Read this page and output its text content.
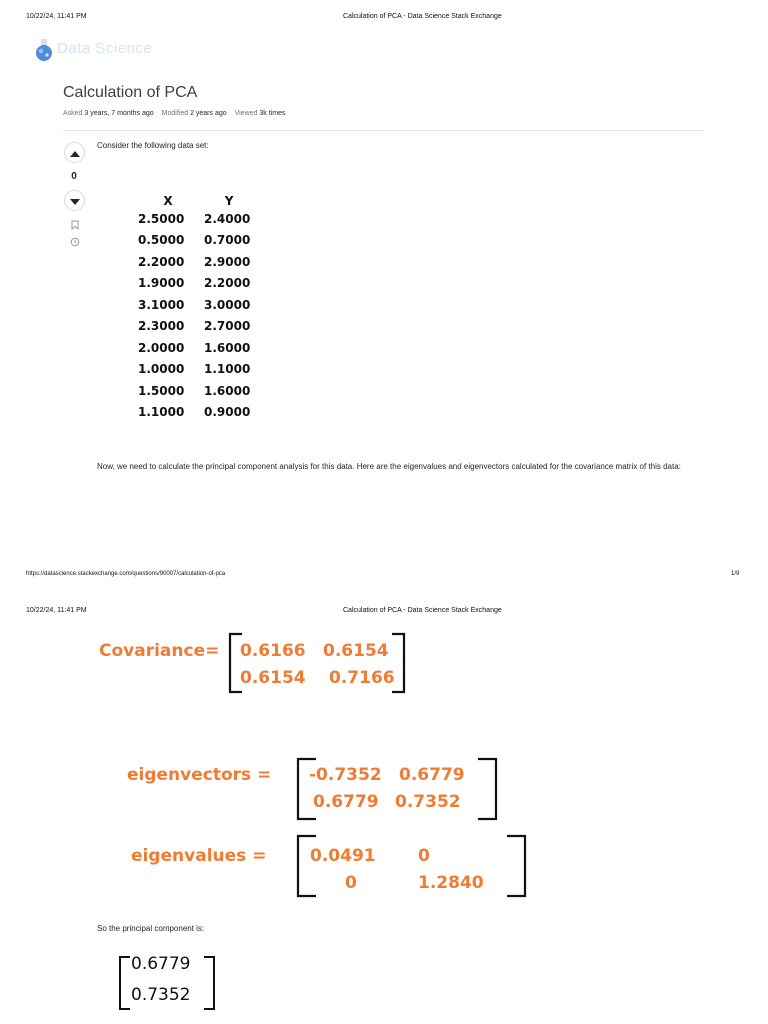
10/22/24, 11:41 PM	Calculation of PCA - Data Science Stack Exchange
Data Science
Calculation of PCA
Asked 3 years, 7 months ago Modified 2 years ago Viewed 3k times
0
Consider the following data set:
X	Y
2.5000	2.4000
0.5000	0.7000
2.2000	2.9000
1.9000	2.2000
3.1000	3.0000
2.3000	2.7000
2.0000	1.6000
1.0000	1.1000
1.5000	1.6000
1.1000	0.9000
Now, we need to calculate the principal component analysis for this data. Here are the eigenvalues and eigenvectors calculated for the covariance matrix of this data:
https://datascience.stackexchange.com/questions/90007/calculation-of-pca	1/9
10/22/24, 11:41 PM	Calculation of PCA - Data Science Stack Exchange
Covariance= 0.6166 0.6154
0.6154 0.7166
eigenvectors = -0.7352 0.6779
0.6779 0.7352
eigenvalues =	0.0491 0
0	1.2840
So the principal component is:
0.6779
0.7352
